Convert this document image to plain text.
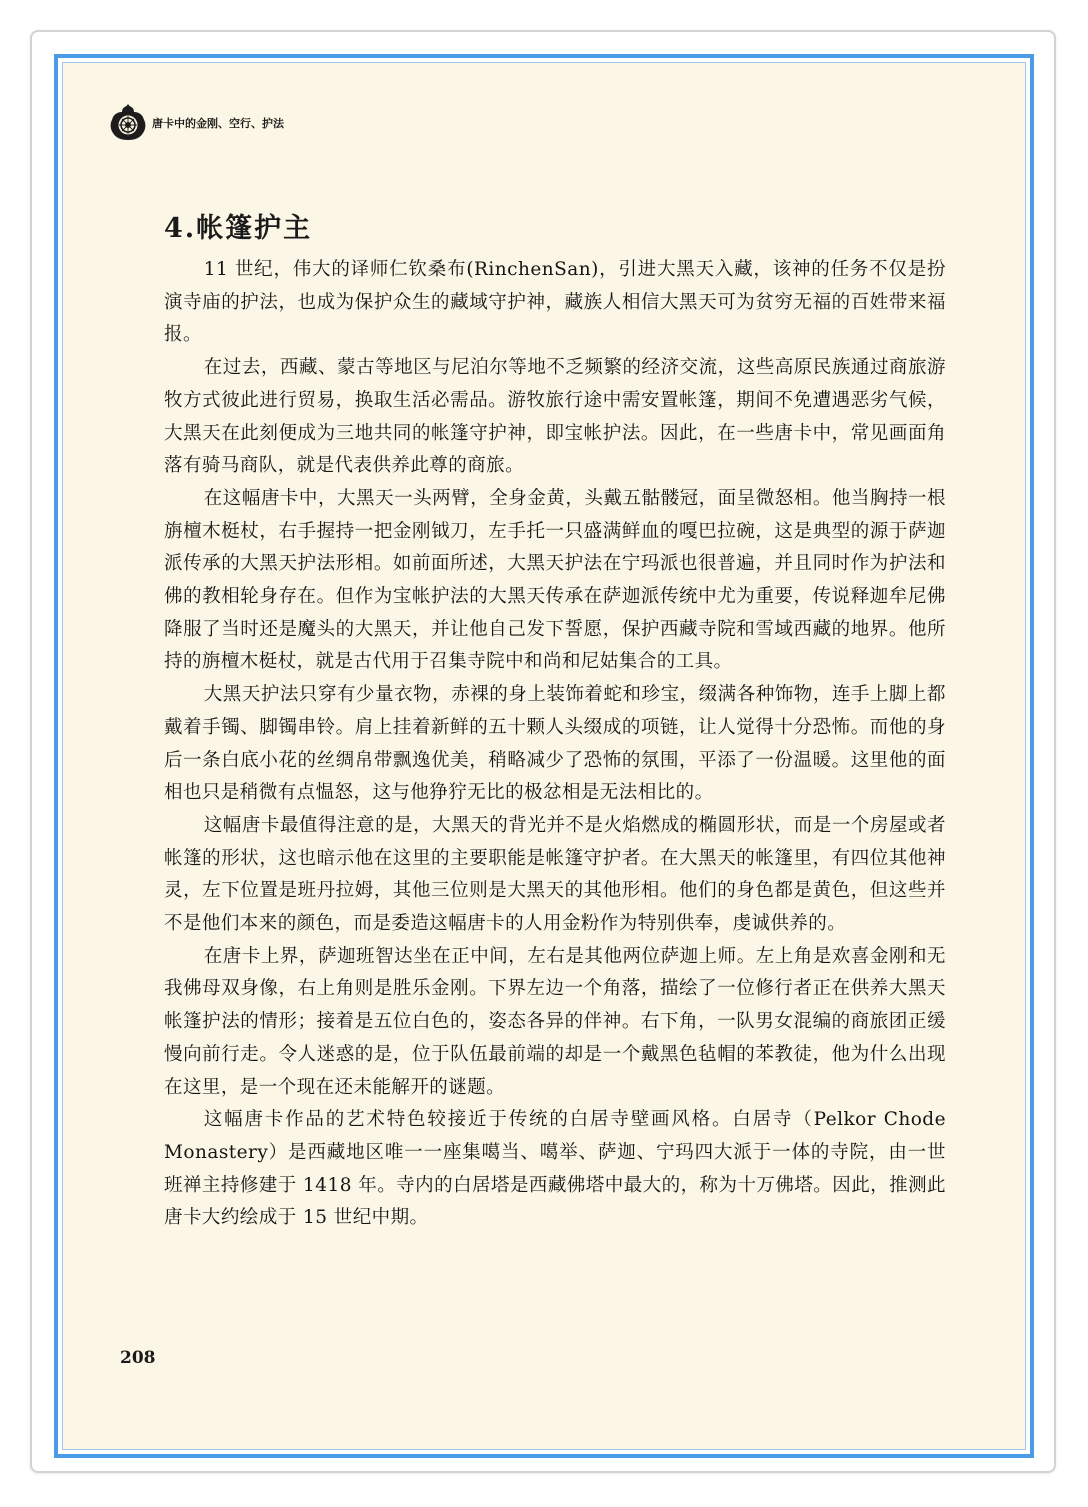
唐卡中的金刚、空行、护法
4.帐篷护主

11 世纪，伟大的译师仁钦桑布(RinchenSan)，引进大黑天入藏，该神的任务不仅是扮演寺庙的护法，也成为保护众生的藏域守护神，藏族人相信大黑天可为贫穷无福的百姓带来福报。

在过去，西藏、蒙古等地区与尼泊尔等地不乏频繁的经济交流，这些高原民族通过商旅游牧方式彼此进行贸易，换取生活必需品。游牧旅行途中需安置帐篷，期间不免遭遇恶劣气候，大黑天在此刻便成为三地共同的帐篷守护神，即宝帐护法。因此，在一些唐卡中，常见画面角落有骑马商队，就是代表供养此尊的商旅。

在这幅唐卡中，大黑天一头两臂，全身金黄，头戴五骷髅冠，面呈微怒相。他当胸持一根旃檀木梃杖，右手握持一把金刚钺刀，左手托一只盛满鲜血的嘎巴拉碗，这是典型的源于萨迦派传承的大黑天护法形相。如前面所述，大黑天护法在宁玛派也很普遍，并且同时作为护法和佛的教相轮身存在。但作为宝帐护法的大黑天传承在萨迦派传统中尤为重要，传说释迦牟尼佛降服了当时还是魔头的大黑天，并让他自己发下誓愿，保护西藏寺院和雪域西藏的地界。他所持的旃檀木梃杖，就是古代用于召集寺院中和尚和尼姑集合的工具。

大黑天护法只穿有少量衣物，赤裸的身上装饰着蛇和珍宝，缀满各种饰物，连手上脚上都戴着手镯、脚镯串铃。肩上挂着新鲜的五十颗人头缀成的项链，让人觉得十分恐怖。而他的身后一条白底小花的丝绸帛带飘逸优美，稍略减少了恐怖的氛围，平添了一份温暖。这里他的面相也只是稍微有点愠怒，这与他狰狞无比的极忿相是无法相比的。

这幅唐卡最值得注意的是，大黑天的背光并不是火焰燃成的椭圆形状，而是一个房屋或者帐篷的形状，这也暗示他在这里的主要职能是帐篷守护者。在大黑天的帐篷里，有四位其他神灵，左下位置是班丹拉姆，其他三位则是大黑天的其他形相。他们的身色都是黄色，但这些并不是他们本来的颜色，而是委造这幅唐卡的人用金粉作为特别供奉，虔诚供养的。

在唐卡上界，萨迦班智达坐在正中间，左右是其他两位萨迦上师。左上角是欢喜金刚和无我佛母双身像，右上角则是胜乐金刚。下界左边一个角落，描绘了一位修行者正在供养大黑天帐篷护法的情形；接着是五位白色的，姿态各异的伴神。右下角，一队男女混编的商旅团正缓慢向前行走。令人迷惑的是，位于队伍最前端的却是一个戴黑色毡帽的苯教徒，他为什么出现在这里，是一个现在还未能解开的谜题。

这幅唐卡作品的艺术特色较接近于传统的白居寺壁画风格。白居寺（Pelkor Chode Monastery）是西藏地区唯一一座集噶当、噶举、萨迦、宁玛四大派于一体的寺院，由一世班禅主持修建于 1418 年。寺内的白居塔是西藏佛塔中最大的，称为十万佛塔。因此，推测此唐卡大约绘成于 15 世纪中期。

208
